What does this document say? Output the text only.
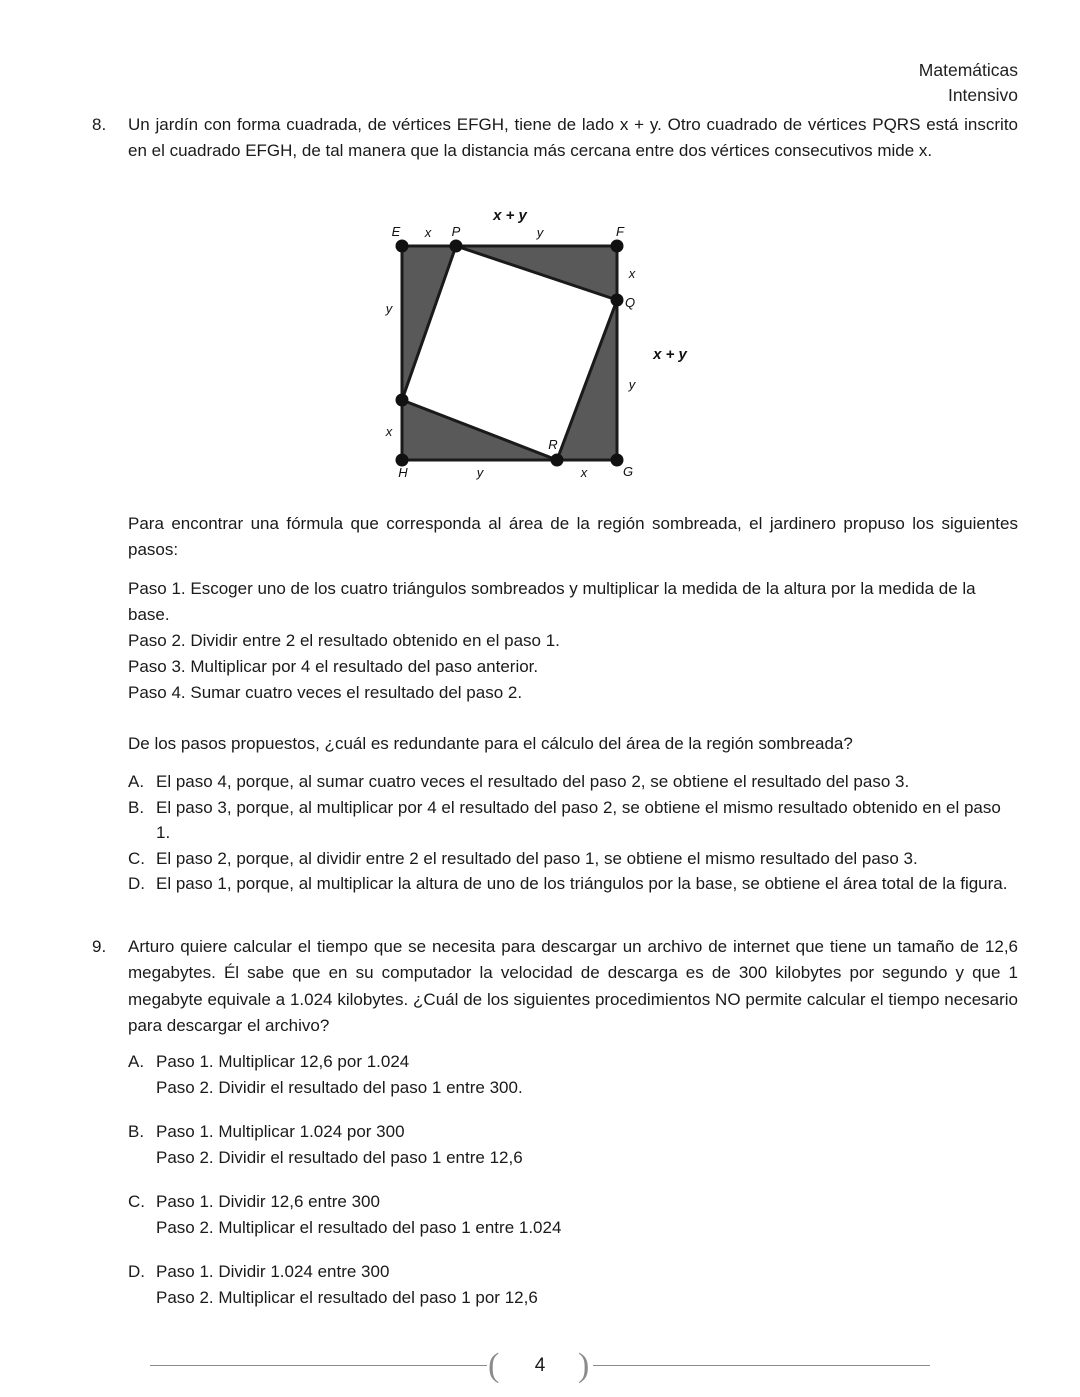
Matemáticas
Intensivo
8.	Un jardín con forma cuadrada, de vértices EFGH, tiene de lado x + y. Otro cuadrado de vértices PQRS está inscrito en el cuadrado EFGH, de tal manera que la distancia más cercana entre dos vértices consecutivos mide x.
x + y
x + y
E	F
G
H
P
Q
R
S
x	y
x
y
y	x
y
x
Para encontrar una fórmula que corresponda al área de la región sombreada, el jardinero propuso los siguientes pasos:
Paso 1. Escoger uno de los cuatro triángulos sombreados y multiplicar la medida de la altura por la medida de la base.
Paso 2. Dividir entre 2 el resultado obtenido en el paso 1.
Paso 3. Multiplicar por 4 el resultado del paso anterior.
Paso 4. Sumar cuatro veces el resultado del paso 2.
De los pasos propuestos, ¿cuál es redundante para el cálculo del área de la región sombreada?
A. El paso 4, porque, al sumar cuatro veces el resultado del paso 2, se obtiene el resultado del paso 3.
B. El paso 3, porque, al multiplicar por 4 el resultado del paso 2, se obtiene el mismo resultado obtenido en el paso 1.
C. El paso 2, porque, al dividir entre 2 el resultado del paso 1, se obtiene el mismo resultado del paso 3.
D. El paso 1, porque, al multiplicar la altura de uno de los triángulos por la base, se obtiene el área total de la figura.
9.	Arturo quiere calcular el tiempo que se necesita para descargar un archivo de internet que tiene un tamaño de 12,6 megabytes. Él sabe que en su computador la velocidad de descarga es de 300 kilobytes por segundo y que 1 megabyte equivale a 1.024 kilobytes. ¿Cuál de los siguientes procedimientos NO permite calcular el tiempo necesario para descargar el archivo?
A. Paso 1. Multiplicar 12,6 por 1.024
Paso 2. Dividir el resultado del paso 1 entre 300.
B. Paso 1. Multiplicar 1.024 por 300
Paso 2. Dividir el resultado del paso 1 entre 12,6
C. Paso 1. Dividir 12,6 entre 300
Paso 2. Multiplicar el resultado del paso 1 entre 1.024
D. Paso 1. Dividir 1.024 entre 300
Paso 2. Multiplicar el resultado del paso 1 por 12,6
(	4 )
